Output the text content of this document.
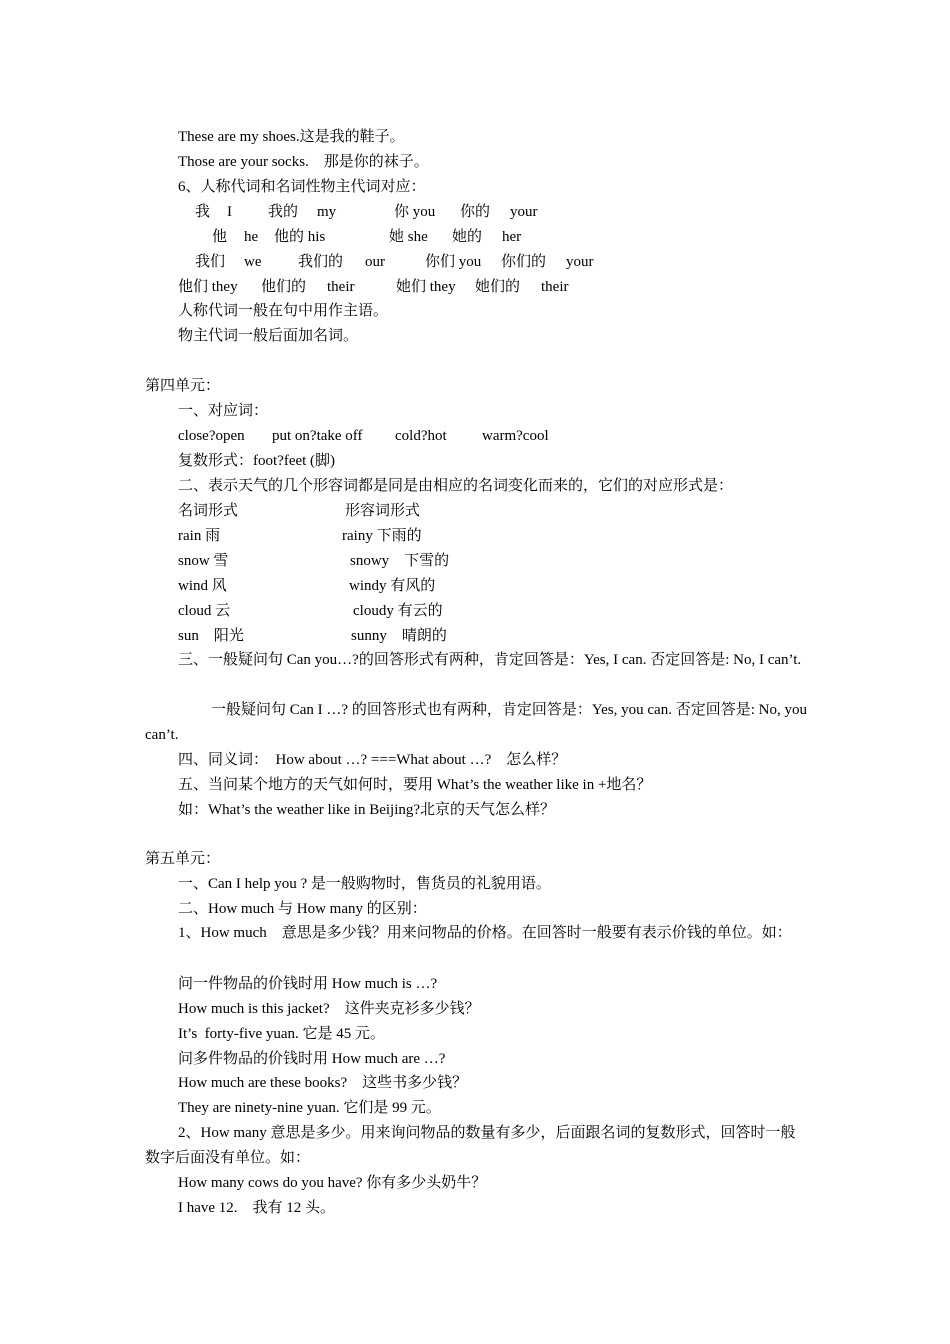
These are my shoes.这是我的鞋子。
Those are your socks.　那是你的袜子。
6、人称代词和名词性物主代词对应：
我 I 我的 my	你 you 你的 your
他 he 他的 his	她 she 她的 her
我们 we 我们的 our	你们 you 你们的 your
他们 they 他们的 their	她们 they 她们的 their
人称代词一般在句中用作主语。
物主代词一般后面加名词。
第四单元：
一、对应词：
close?open put on?take off cold?hot warm?cool
复数形式：foot?feet (脚)
二、表示天气的几个形容词都是同是由相应的名词变化而来的，它们的对应形式是：
名词形式	形容词形式
rain 雨	rainy 下雨的
snow 雪	snowy　下雪的
wind 风	windy 有风的
cloud 云	cloudy 有云的
sun　阳光	sunny　晴朗的

三、一般疑问句 Can you…?的回答形式有两种，肯定回答是：Yes, I can. 否定回答是: No, I can’t.

一般疑问句 Can I …? 的回答形式也有两种，肯定回答是：Yes, you can. 否定回答是: No, you can’t.

四、同义词：　How about …? ===What about …?　怎么样？
五、当问某个地方的天气如何时，要用 What’s the weather like in +地名？
如：What’s the weather like in Beijing?北京的天气怎么样？
第五单元：
一、Can I help you ? 是一般购物时，售货员的礼貌用语。
二、How much 与 How many 的区别：

1、How much　意思是多少钱？用来问物品的价格。在回答时一般要有表示价钱的单位。如：

问一件物品的价钱时用 How much is …?
How much is this jacket?　这件夹克衫多少钱？
It’s  forty-five yuan. 它是 45 元。
问多件物品的价钱时用 How much are …?
How much are these books?　这些书多少钱？
They are ninety-nine yuan. 它们是 99 元。

2、How many 意思是多少。用来询问物品的数量有多少，后面跟名词的复数形式，回答时一般数字后面没有单位。如：

How many cows do you have? 你有多少头奶牛？
I have 12.　我有 12 头。
